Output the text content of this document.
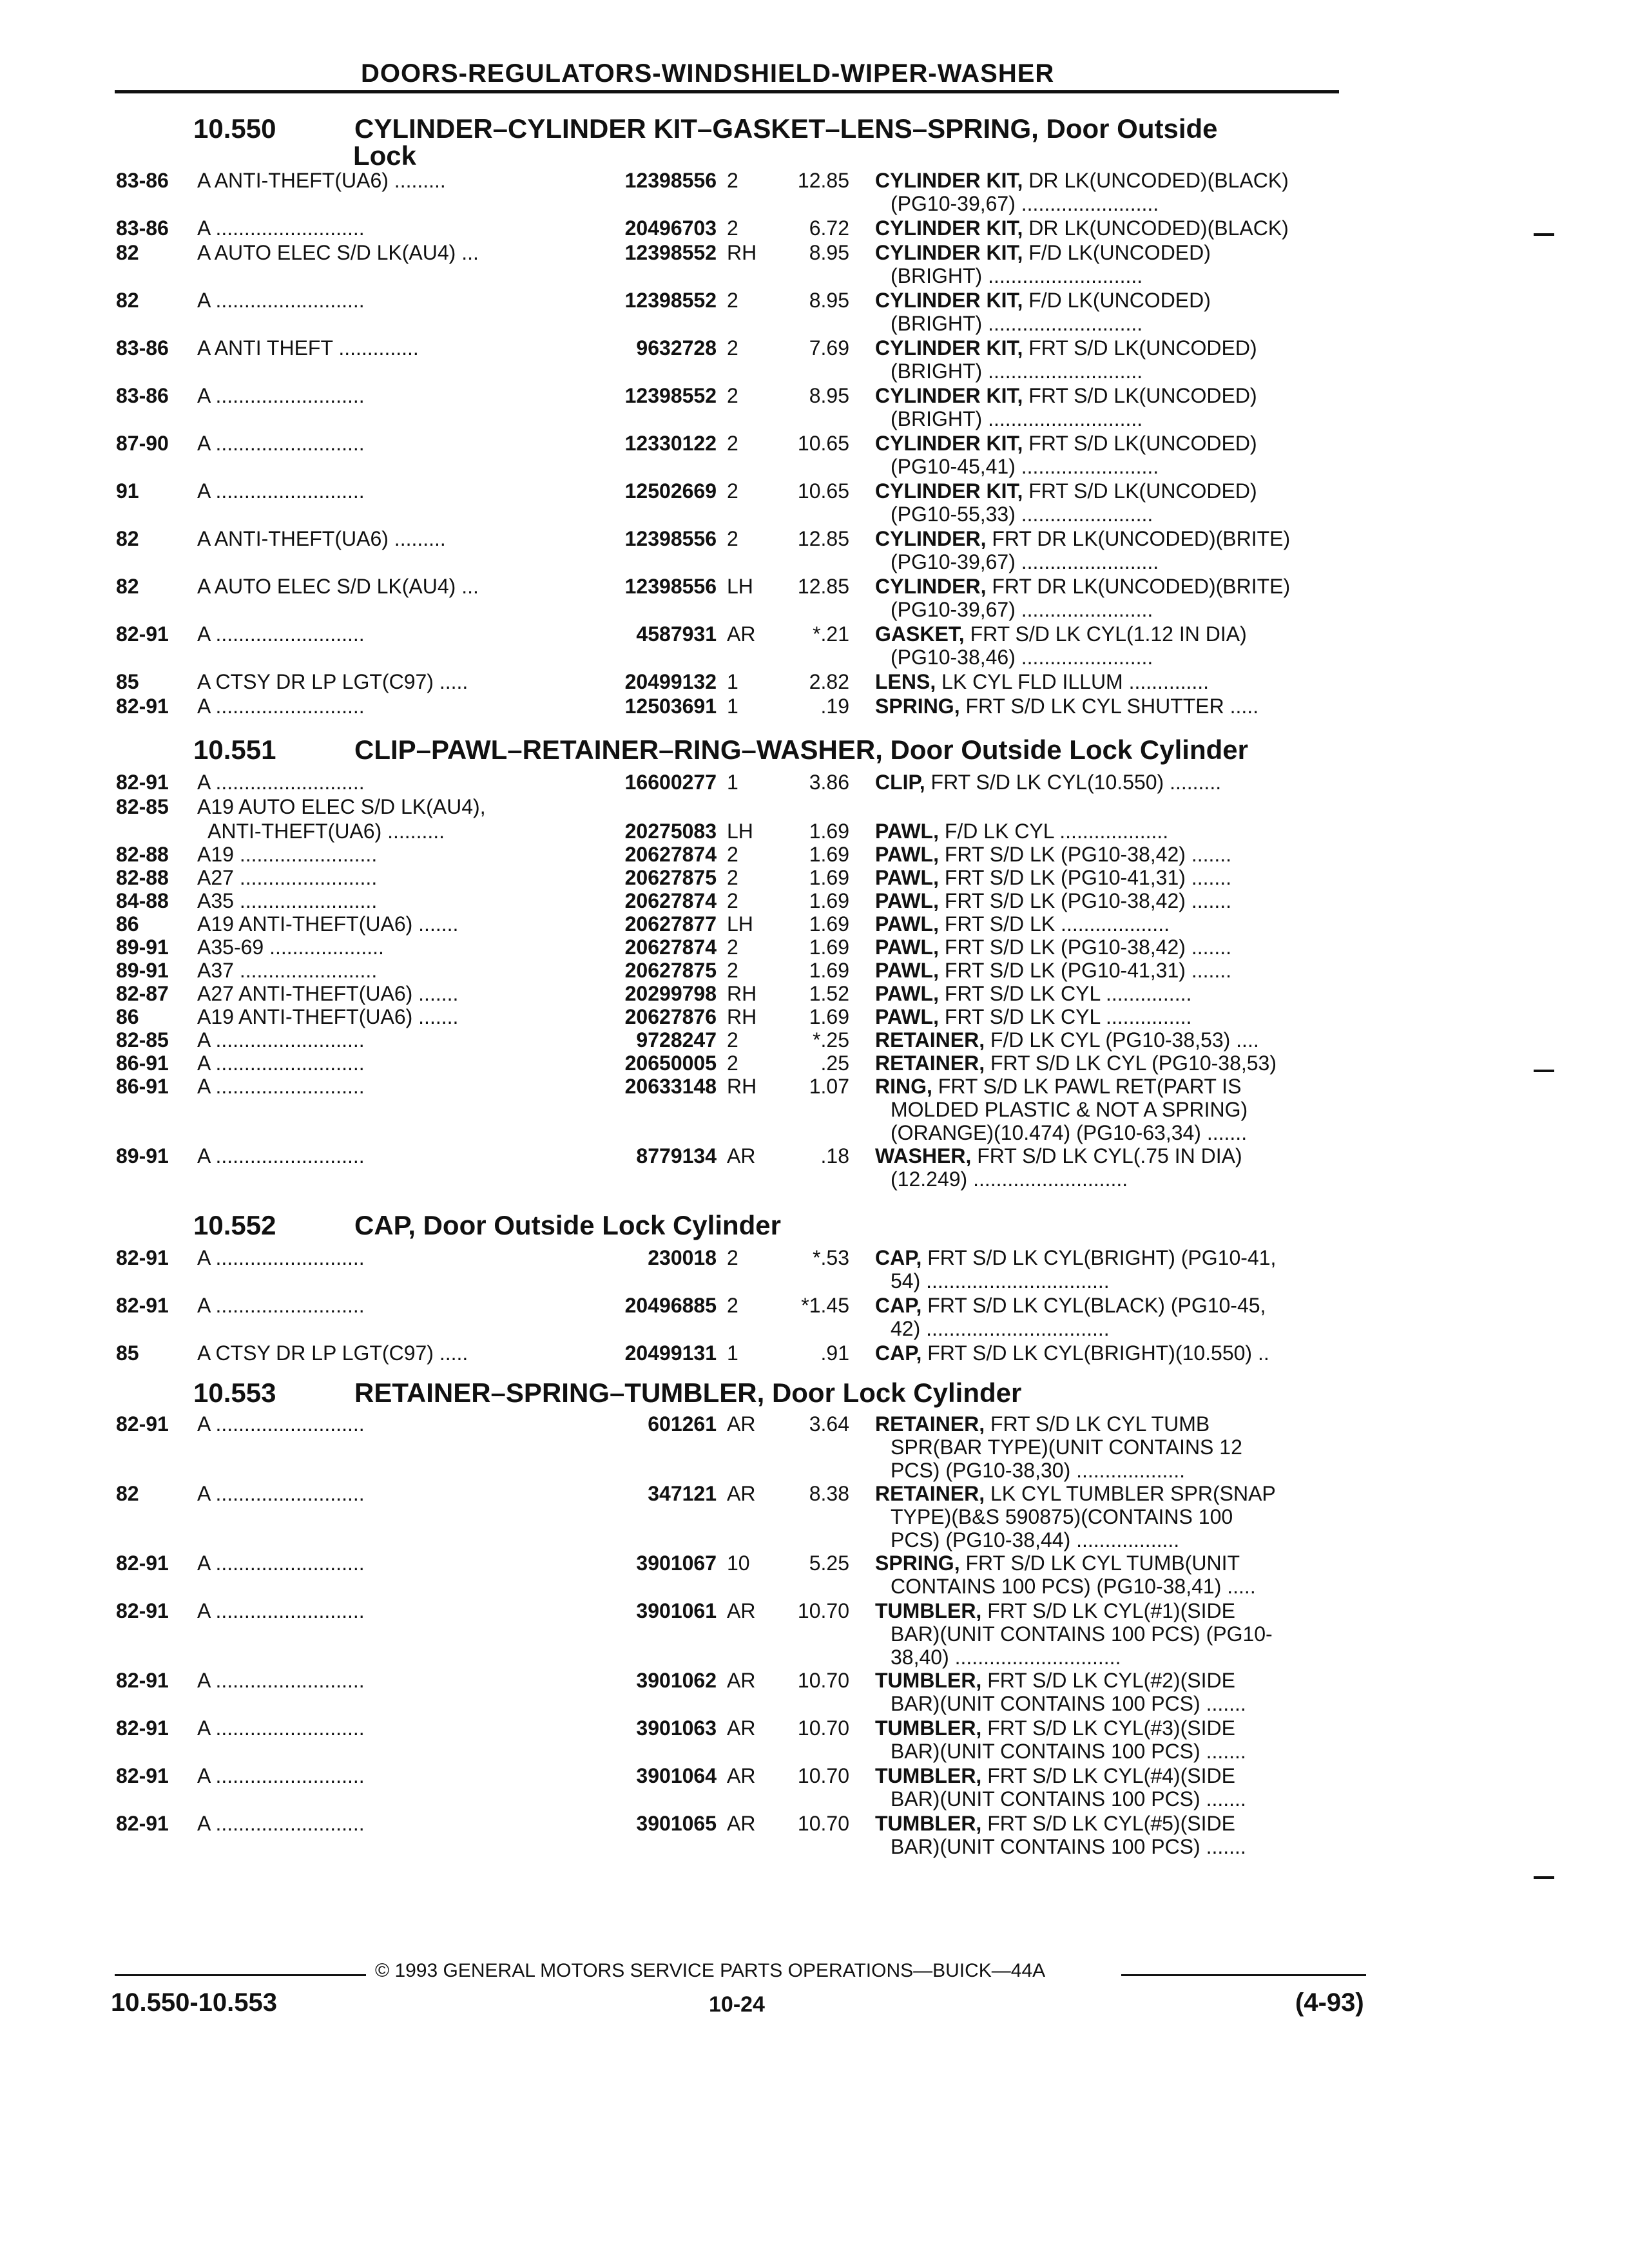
DOORS-REGULATORS-WINDSHIELD-WIPER-WASHER
10.550	CYLINDER–CYLINDER KIT–GASKET–LENS–SPRING, Door Outside
Lock
83-86	A ANTI-THEFT(UA6) .........	12398556 2	12.85 CYLINDER KIT, DR LK(UNCODED)(BLACK)
(PG10-39,67) ........................
83-86	A ..........................	20496703 2	6.72 CYLINDER KIT, DR LK(UNCODED)(BLACK)
82	A AUTO ELEC S/D LK(AU4) ...	12398552 RH	8.95 CYLINDER KIT, F/D LK(UNCODED)
(BRIGHT) ...........................
82	A ..........................	12398552 2	8.95 CYLINDER KIT, F/D LK(UNCODED)
(BRIGHT) ...........................
83-86	A ANTI THEFT ..............	9632728 2	7.69 CYLINDER KIT, FRT S/D LK(UNCODED)
(BRIGHT) ...........................
83-86	A ..........................	12398552 2	8.95 CYLINDER KIT, FRT S/D LK(UNCODED)
(BRIGHT) ...........................
87-90	A ..........................	12330122 2	10.65 CYLINDER KIT, FRT S/D LK(UNCODED)
(PG10-45,41) ........................
91	A ..........................	12502669 2	10.65 CYLINDER KIT, FRT S/D LK(UNCODED)
(PG10-55,33) .......................
82	A ANTI-THEFT(UA6) .........	12398556 2	12.85 CYLINDER, FRT DR LK(UNCODED)(BRITE)
(PG10-39,67) ........................
82	A AUTO ELEC S/D LK(AU4) ...	12398556 LH	12.85 CYLINDER, FRT DR LK(UNCODED)(BRITE)
(PG10-39,67) .......................
82-91	A ..........................	4587931 AR	*.21 GASKET, FRT S/D LK CYL(1.12 IN DIA)
(PG10-38,46) .......................
85	A CTSY DR LP LGT(C97) .....	20499132 1	2.82 LENS, LK CYL FLD ILLUM ..............
82-91	A ..........................	12503691 1	.19 SPRING, FRT S/D LK CYL SHUTTER .....
10.551	CLIP–PAWL–RETAINER–RING–WASHER, Door Outside Lock Cylinder
82-91	A ..........................	16600277 1	3.86 CLIP, FRT S/D LK CYL(10.550) .........
82-85	A19 AUTO ELEC S/D LK(AU4),
ANTI-THEFT(UA6) ..........	20275083 LH	1.69 PAWL, F/D LK CYL ...................
82-88	A19 ........................	20627874 2	1.69 PAWL, FRT S/D LK (PG10-38,42) .......
82-88	A27 ........................	20627875 2	1.69 PAWL, FRT S/D LK (PG10-41,31) .......
84-88	A35 ........................	20627874 2	1.69 PAWL, FRT S/D LK (PG10-38,42) .......
86	A19 ANTI-THEFT(UA6) .......	20627877 LH	1.69 PAWL, FRT S/D LK ...................
89-91	A35-69 ....................	20627874 2	1.69 PAWL, FRT S/D LK (PG10-38,42) .......
89-91	A37 ........................	20627875 2	1.69 PAWL, FRT S/D LK (PG10-41,31) .......
82-87	A27 ANTI-THEFT(UA6) .......	20299798 RH	1.52 PAWL, FRT S/D LK CYL ...............
86	A19 ANTI-THEFT(UA6) .......	20627876 RH	1.69 PAWL, FRT S/D LK CYL ...............
82-85	A ..........................	9728247 2	*.25 RETAINER, F/D LK CYL (PG10-38,53) ....
86-91	A ..........................	20650005 2	.25 RETAINER, FRT S/D LK CYL (PG10-38,53)
86-91	A ..........................	20633148 RH	1.07 RING, FRT S/D LK PAWL RET(PART IS
MOLDED PLASTIC & NOT A SPRING)
(ORANGE)(10.474) (PG10-63,34) .......
89-91	A ..........................	8779134 AR	.18 WASHER, FRT S/D LK CYL(.75 IN DIA)
(12.249) ...........................
10.552	CAP, Door Outside Lock Cylinder
82-91	A ..........................	230018 2	*.53 CAP, FRT S/D LK CYL(BRIGHT) (PG10-41,
54) ................................
82-91	A ..........................	20496885 2	*1.45 CAP, FRT S/D LK CYL(BLACK) (PG10-45,
42) ................................
85	A CTSY DR LP LGT(C97) .....	20499131 1	.91 CAP, FRT S/D LK CYL(BRIGHT)(10.550) ..
10.553	RETAINER–SPRING–TUMBLER, Door Lock Cylinder
82-91	A ..........................	601261 AR	3.64 RETAINER, FRT S/D LK CYL TUMB
SPR(BAR TYPE)(UNIT CONTAINS 12
PCS) (PG10-38,30) ...................
82	A ..........................	347121 AR	8.38 RETAINER, LK CYL TUMBLER SPR(SNAP
TYPE)(B&S 590875)(CONTAINS 100
PCS) (PG10-38,44) ..................
82-91	A ..........................	3901067 10	5.25 SPRING, FRT S/D LK CYL TUMB(UNIT
CONTAINS 100 PCS) (PG10-38,41) .....
82-91	A ..........................	3901061 AR	10.70 TUMBLER, FRT S/D LK CYL(#1)(SIDE
BAR)(UNIT CONTAINS 100 PCS) (PG10-
38,40) .............................
82-91	A ..........................	3901062 AR	10.70 TUMBLER, FRT S/D LK CYL(#2)(SIDE
BAR)(UNIT CONTAINS 100 PCS) .......
82-91	A ..........................	3901063 AR	10.70 TUMBLER, FRT S/D LK CYL(#3)(SIDE
BAR)(UNIT CONTAINS 100 PCS) .......
82-91	A ..........................	3901064 AR	10.70 TUMBLER, FRT S/D LK CYL(#4)(SIDE
BAR)(UNIT CONTAINS 100 PCS) .......
82-91	A ..........................	3901065 AR	10.70 TUMBLER, FRT S/D LK CYL(#5)(SIDE
BAR)(UNIT CONTAINS 100 PCS) .......
© 1993 GENERAL MOTORS SERVICE PARTS OPERATIONS—BUICK—44A
10.550-10.553	10-24	(4-93)
